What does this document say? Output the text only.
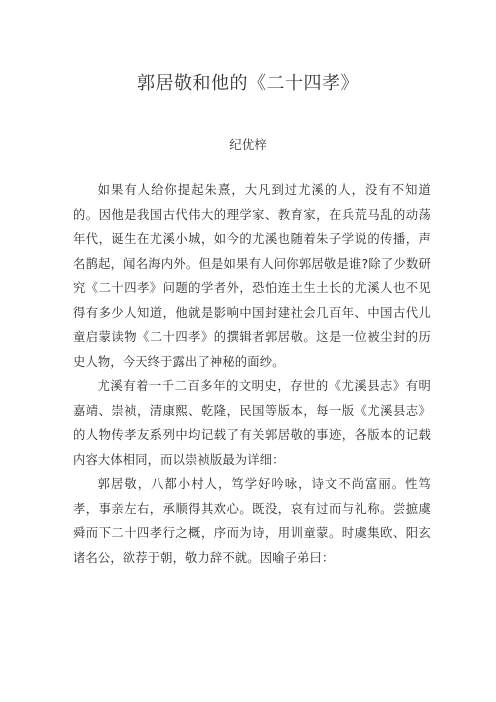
郭居敬和他的《二十四孝》
纪优梓

如果有人给你提起朱熹，大凡到过尤溪的人，没有不知道的。因他是我国古代伟大的理学家、教育家，在兵荒马乱的动荡年代，诞生在尤溪小城，如今的尤溪也随着朱子学说的传播，声名鹊起，闻名海内外。但是如果有人问你郭居敬是谁?除了少数研究《二十四孝》问题的学者外，恐怕连土生土长的尤溪人也不见得有多少人知道，他就是影响中国封建社会几百年、中国古代儿童启蒙读物《二十四孝》的撰辑者郭居敬。这是一位被尘封的历史人物，今天终于露出了神秘的面纱。

尤溪有着一千二百多年的文明史，存世的《尤溪县志》有明嘉靖、崇祯，清康熙、乾隆，民国等版本，每一版《尤溪县志》的人物传孝友系列中均记载了有关郭居敬的事迹，各版本的记载内容大体相同，而以崇祯版最为详细：

郭居敬，八都小村人，笃学好吟咏，诗文不尚富丽。性笃孝，事亲左右，承顺得其欢心。既没，哀有过而与礼称。尝摭虞舜而下二十四孝行之概，序而为诗，用训童蒙。时虞集欧、阳玄诸名公，欲荐于朝，敬力辞不就。因喻子弟曰：
